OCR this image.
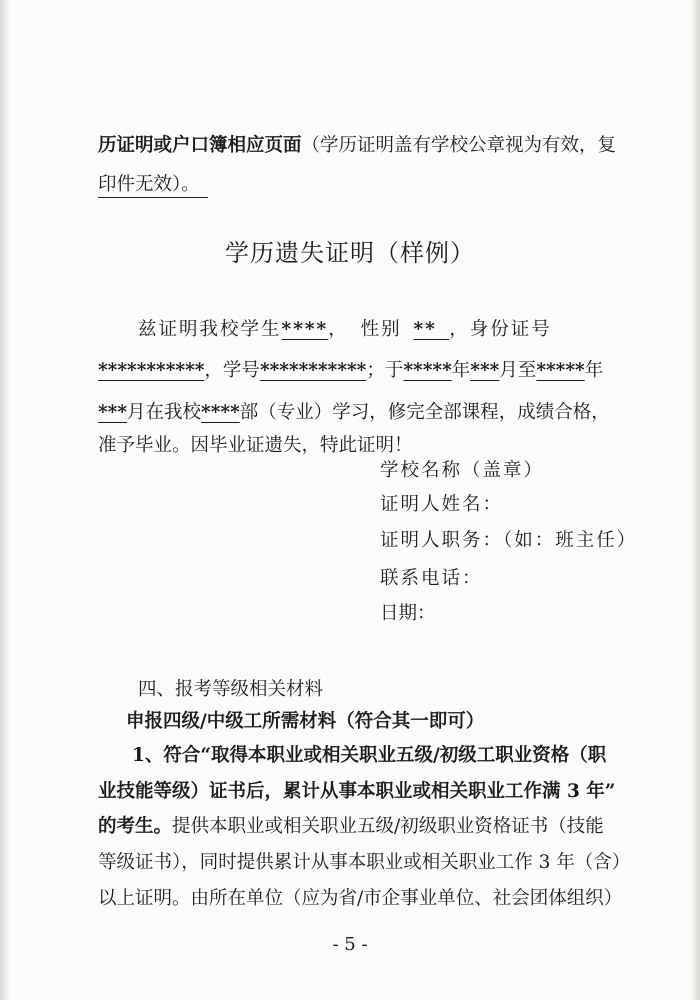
历证明或户口簿相应页面（学历证明盖有学校公章视为有效，复
印件无效）。
学历遗失证明（样例）
兹证明我校学生****， 性别 ** ，身份证号
***********，学号***********；于*****年***月至*****年
***月在我校****部（专业）学习，修完全部课程，成绩合格，
准予毕业。因毕业证遗失，特此证明！
学校名称（盖章）
证明人姓名：
证明人职务：（如：班主任）
联系电话：
日期：
四、报考等级相关材料
申报四级/中级工所需材料（符合其一即可）
1、符合“取得本职业或相关职业五级/初级工职业资格（职
业技能等级）证书后，累计从事本职业或相关职业工作满 3 年”
的考生。提供本职业或相关职业五级/初级职业资格证书（技能
等级证书），同时提供累计从事本职业或相关职业工作 3 年（含）
以上证明。由所在单位（应为省/市企事业单位、社会团体组织）
- 5 -
